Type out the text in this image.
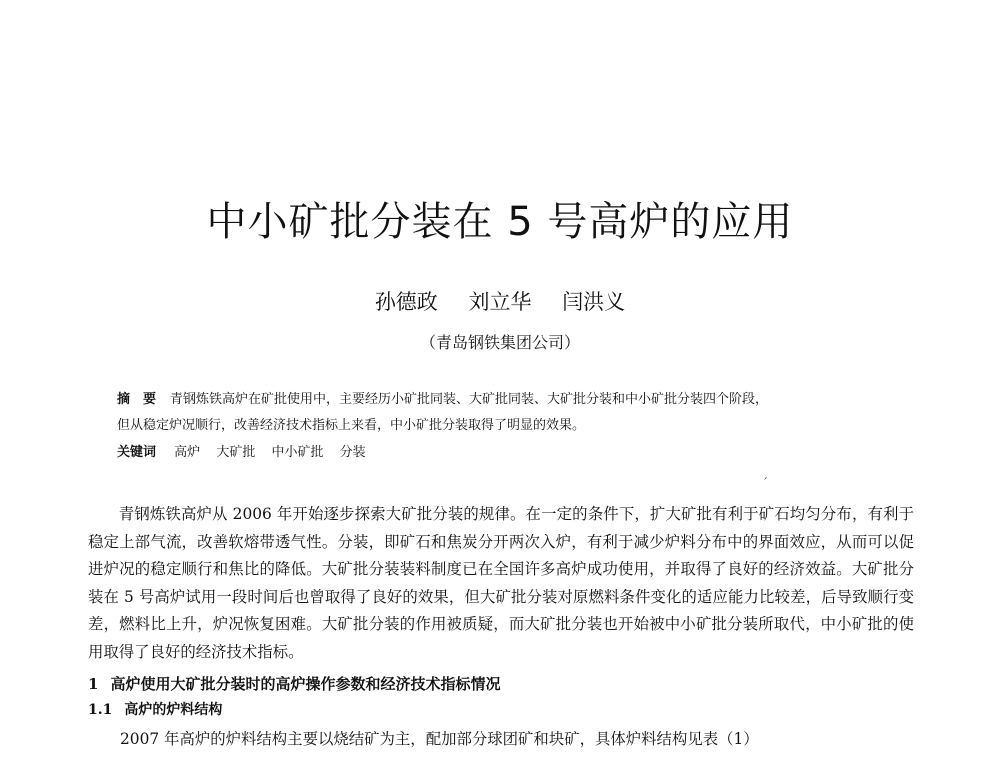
中小矿批分装在 5 号高炉的应用

孙德政 刘立华 闫洪义

（青岛钢铁集团公司）

摘　要 青钢炼铁高炉在矿批使用中，主要经历小矿批同装、大矿批同装、大矿批分装和中小矿批分装四个阶段，

但从稳定炉况顺行，改善经济技术指标上来看，中小矿批分装取得了明显的效果。

关键词 高炉 大矿批 中小矿批 分装

ˊ

青钢炼铁高炉从 2006 年开始逐步探索大矿批分装的规律。在一定的条件下，扩大矿批有利于矿石均匀分布，有利于稳定上部气流，改善软熔带透气性。分装，即矿石和焦炭分开两次入炉，有利于减少炉料分布中的界面效应，从而可以促进炉况的稳定顺行和焦比的降低。大矿批分装装料制度已在全国许多高炉成功使用，并取得了良好的经济效益。大矿批分装在 5 号高炉试用一段时间后也曾取得了良好的效果，但大矿批分装对原燃料条件变化的适应能力比较差，后导致顺行变差，燃料比上升，炉况恢复困难。大矿批分装的作用被质疑，而大矿批分装也开始被中小矿批分装所取代，中小矿批的使用取得了良好的经济技术指标。

1 高炉使用大矿批分装时的高炉操作参数和经济技术指标情况

1.1 高炉的炉料结构

2007 年高炉的炉料结构主要以烧结矿为主，配加部分球团矿和块矿，具体炉料结构见表（1）
